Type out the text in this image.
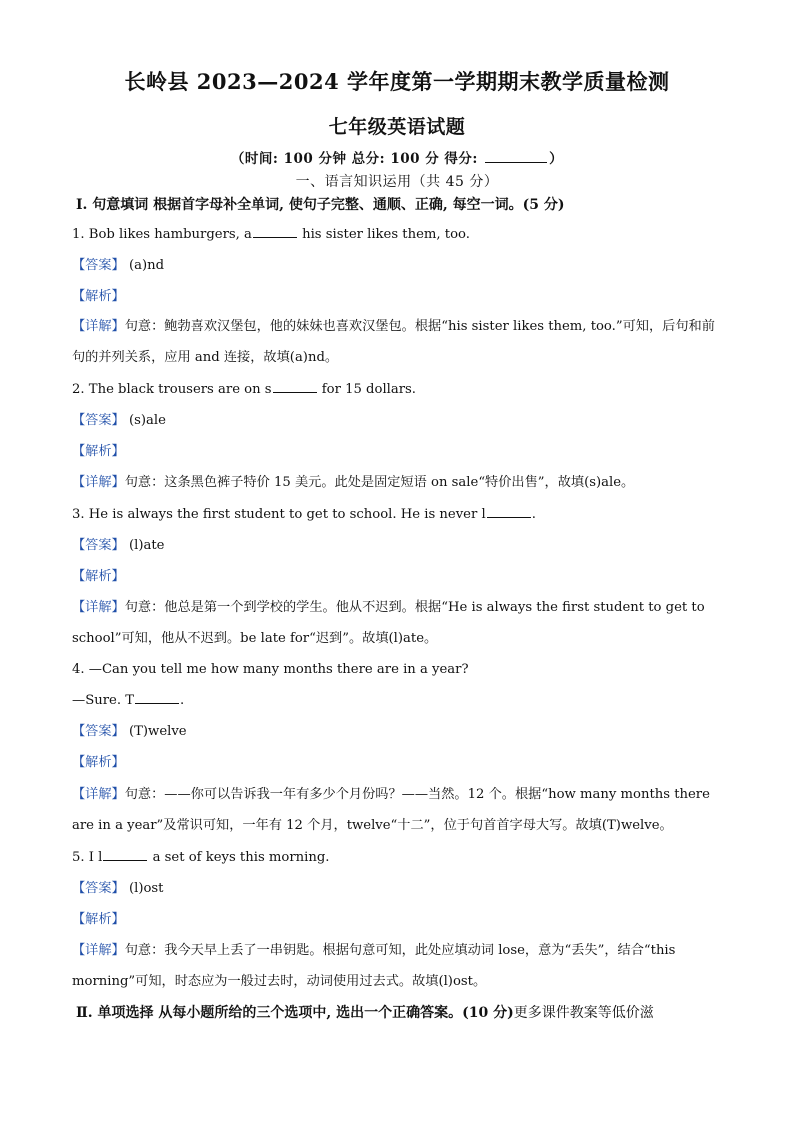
长岭县 2023—2024 学年度第一学期期末教学质量检测
七年级英语试题
（时间: 100 分钟 总分: 100 分 得分:	）
一、语言知识运用（共 45 分）
Ⅰ. 句意填词 根据首字母补全单词, 使句子完整、通顺、正确, 每空一词。(5 分)
1. Bob likes hamburgers, a	his sister likes them, too.
【答案】 (a)nd
【解析】
【详解】句意：鲍勃喜欢汉堡包，他的妹妹也喜欢汉堡包。根据“his sister likes them, too.”可知，后句和前
句的并列关系，应用 and 连接，故填(a)nd。
2. The black trousers are on s	for 15 dollars.
【答案】 (s)ale
【解析】
【详解】句意：这条黑色裤子特价 15 美元。此处是固定短语 on sale“特价出售”，故填(s)ale。
3. He is always the first student to get to school. He is never l	.
【答案】 (l)ate
【解析】
【详解】句意：他总是第一个到学校的学生。他从不迟到。根据“He is always the first student to get to
school”可知，他从不迟到。be late for“迟到”。故填(l)ate。
4. —Can you tell me how many months there are in a year?
—Sure. T	.
【答案】 (T)welve
【解析】
【详解】句意：——你可以告诉我一年有多少个月份吗？——当然。12 个。根据“how many months there
are in a year”及常识可知，一年有 12 个月，twelve“十二”，位于句首首字母大写。故填(T)welve。
5. I l	a set of keys this morning.
【答案】 (l)ost
【解析】
【详解】句意：我今天早上丢了一串钥匙。根据句意可知，此处应填动词 lose，意为“丢失”，结合“this
morning”可知，时态应为一般过去时，动词使用过去式。故填(l)ost。
Ⅱ. 单项选择 从每小题所给的三个选项中, 选出一个正确答案。(10 分)更多课件教案等低价滋
